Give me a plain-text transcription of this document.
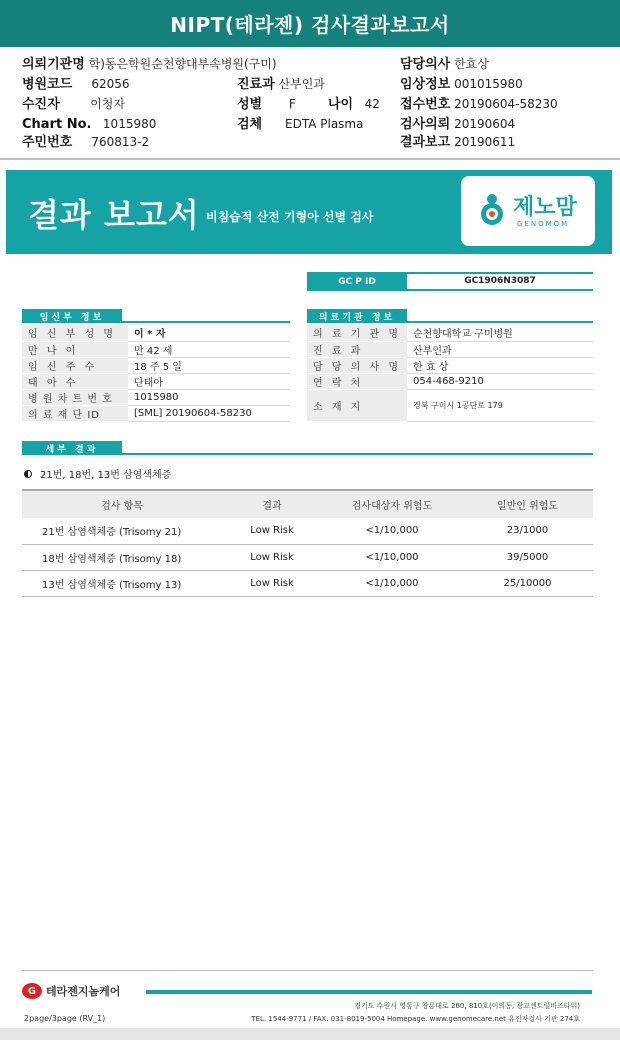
NIPT(테라젠) 검사결과보고서
의뢰기관명 학)동은학원순천향대부속병원(구미)
병원코드 62056
수진자	이청자
Chart No. 1015980
주민번호 760813-2
진료과 산부인과
성별 F 나이 42
검체 EDTA Plasma
담당의사 한효상
임상정보 001015980
접수번호 20190604-58230
검사의뢰 20190604
결과보고 20190611
결과 보고서 비침습적 산전 기형아 선별 검사	제노맘
GENOMOM
GC P ID	GC1906N3087
임신부 정보
임 신 부 성 명	이 * 자
만 나 이	만 42 세
임 신 주 수	18 주 5 일
태 아 수	단태아
병 원 차 트 번 호	1015980
의 료 재 단 ID	[SML] 20190604-58230
의료기관 정보
의 료 기 관 명	순천향대학교 구미병원
진 료 과	산부인과
담 당 의 사 명	한 효 상
연 락 처	054-468-9210
소 재 지	경북 구미시 1공단로 179
세부 결과
21번, 18번, 13번 삼염색체증
검사 항목	결과	검사대상자 위험도	일반인 위험도
21번 삼염색체증 (Trisomy 21)	Low Risk	<1/10,000	23/1000
18번 삼염색체증 (Trisomy 18)	Low Risk	<1/10,000	39/5000
13번 삼염색체증 (Trisomy 13)	Low Risk	<1/10,000	25/10000
G 테라젠지놈케어
경기도 수원시 영통구 창룡대로 260, 810호(이의동, 광교센트럴비즈타워)
TEL. 1544-9771 / FAX. 031-8019-5004 Homepage. www.genomecare.net 유전자검사 기관 274호
2page/3page (RV_1)
